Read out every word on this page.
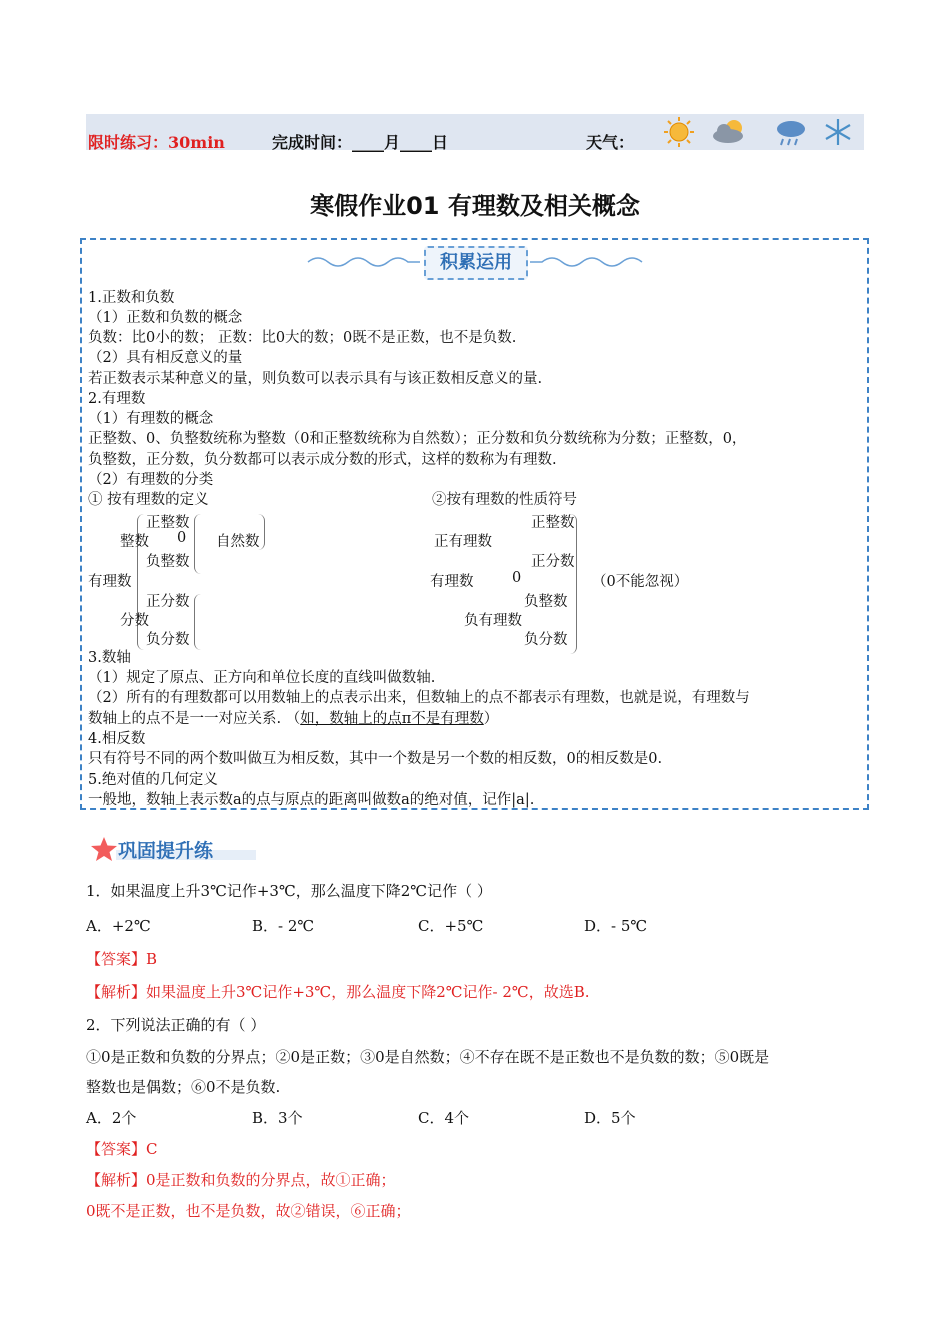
限时练习：30min	完成时间：____月____日	天气：
寒假作业01 有理数及相关概念
积累运用
1.正数和负数
（1）正数和负数的概念
负数：比0小的数； 正数：比0大的数；0既不是正数，也不是负数.
（2）具有相反意义的量
若正数表示某种意义的量，则负数可以表示具有与该正数相反意义的量.
2.有理数
（1）有理数的概念
正整数、0、负整数统称为整数（0和正整数统称为自然数）；正分数和负分数统称为分数；正整数，0，
负整数，正分数，负分数都可以表示成分数的形式，这样的数称为有理数.
（2）有理数的分类
① 按有理数的定义	②按有理数的性质符号
有理数
整数
正整数
0
负整数
自然数
分数
正分数
负分数
有理数
正有理数
正整数
正分数
0	（0不能忽视）
负有理数
负整数
负分数
3.数轴
（1）规定了原点、正方向和单位长度的直线叫做数轴.
（2）所有的有理数都可以用数轴上的点表示出来，但数轴上的点不都表示有理数，也就是说，有理数与
数轴上的点不是一一对应关系. （如，数轴上的点π不是有理数）
4.相反数
只有符号不同的两个数叫做互为相反数，其中一个数是另一个数的相反数，0的相反数是0.
5.绝对值的几何定义
一般地，数轴上表示数a的点与原点的距离叫做数a的绝对值，记作|a|.
巩固提升练
1．如果温度上升3℃记作+3℃，那么温度下降2℃记作（ ）
A．+2℃	B．- 2℃	C．+5℃	D．- 5℃
【答案】B
【解析】如果温度上升3℃记作+3℃，那么温度下降2℃记作- 2℃，故选B.
2．下列说法正确的有（ ）
①0是正数和负数的分界点；②0是正数；③0是自然数；④不存在既不是正数也不是负数的数；⑤0既是
整数也是偶数；⑥0不是负数.
A．2个	B．3个	C．4个	D．5个
【答案】C
【解析】0是正数和负数的分界点，故①正确；
0既不是正数，也不是负数，故②错误，⑥正确；
